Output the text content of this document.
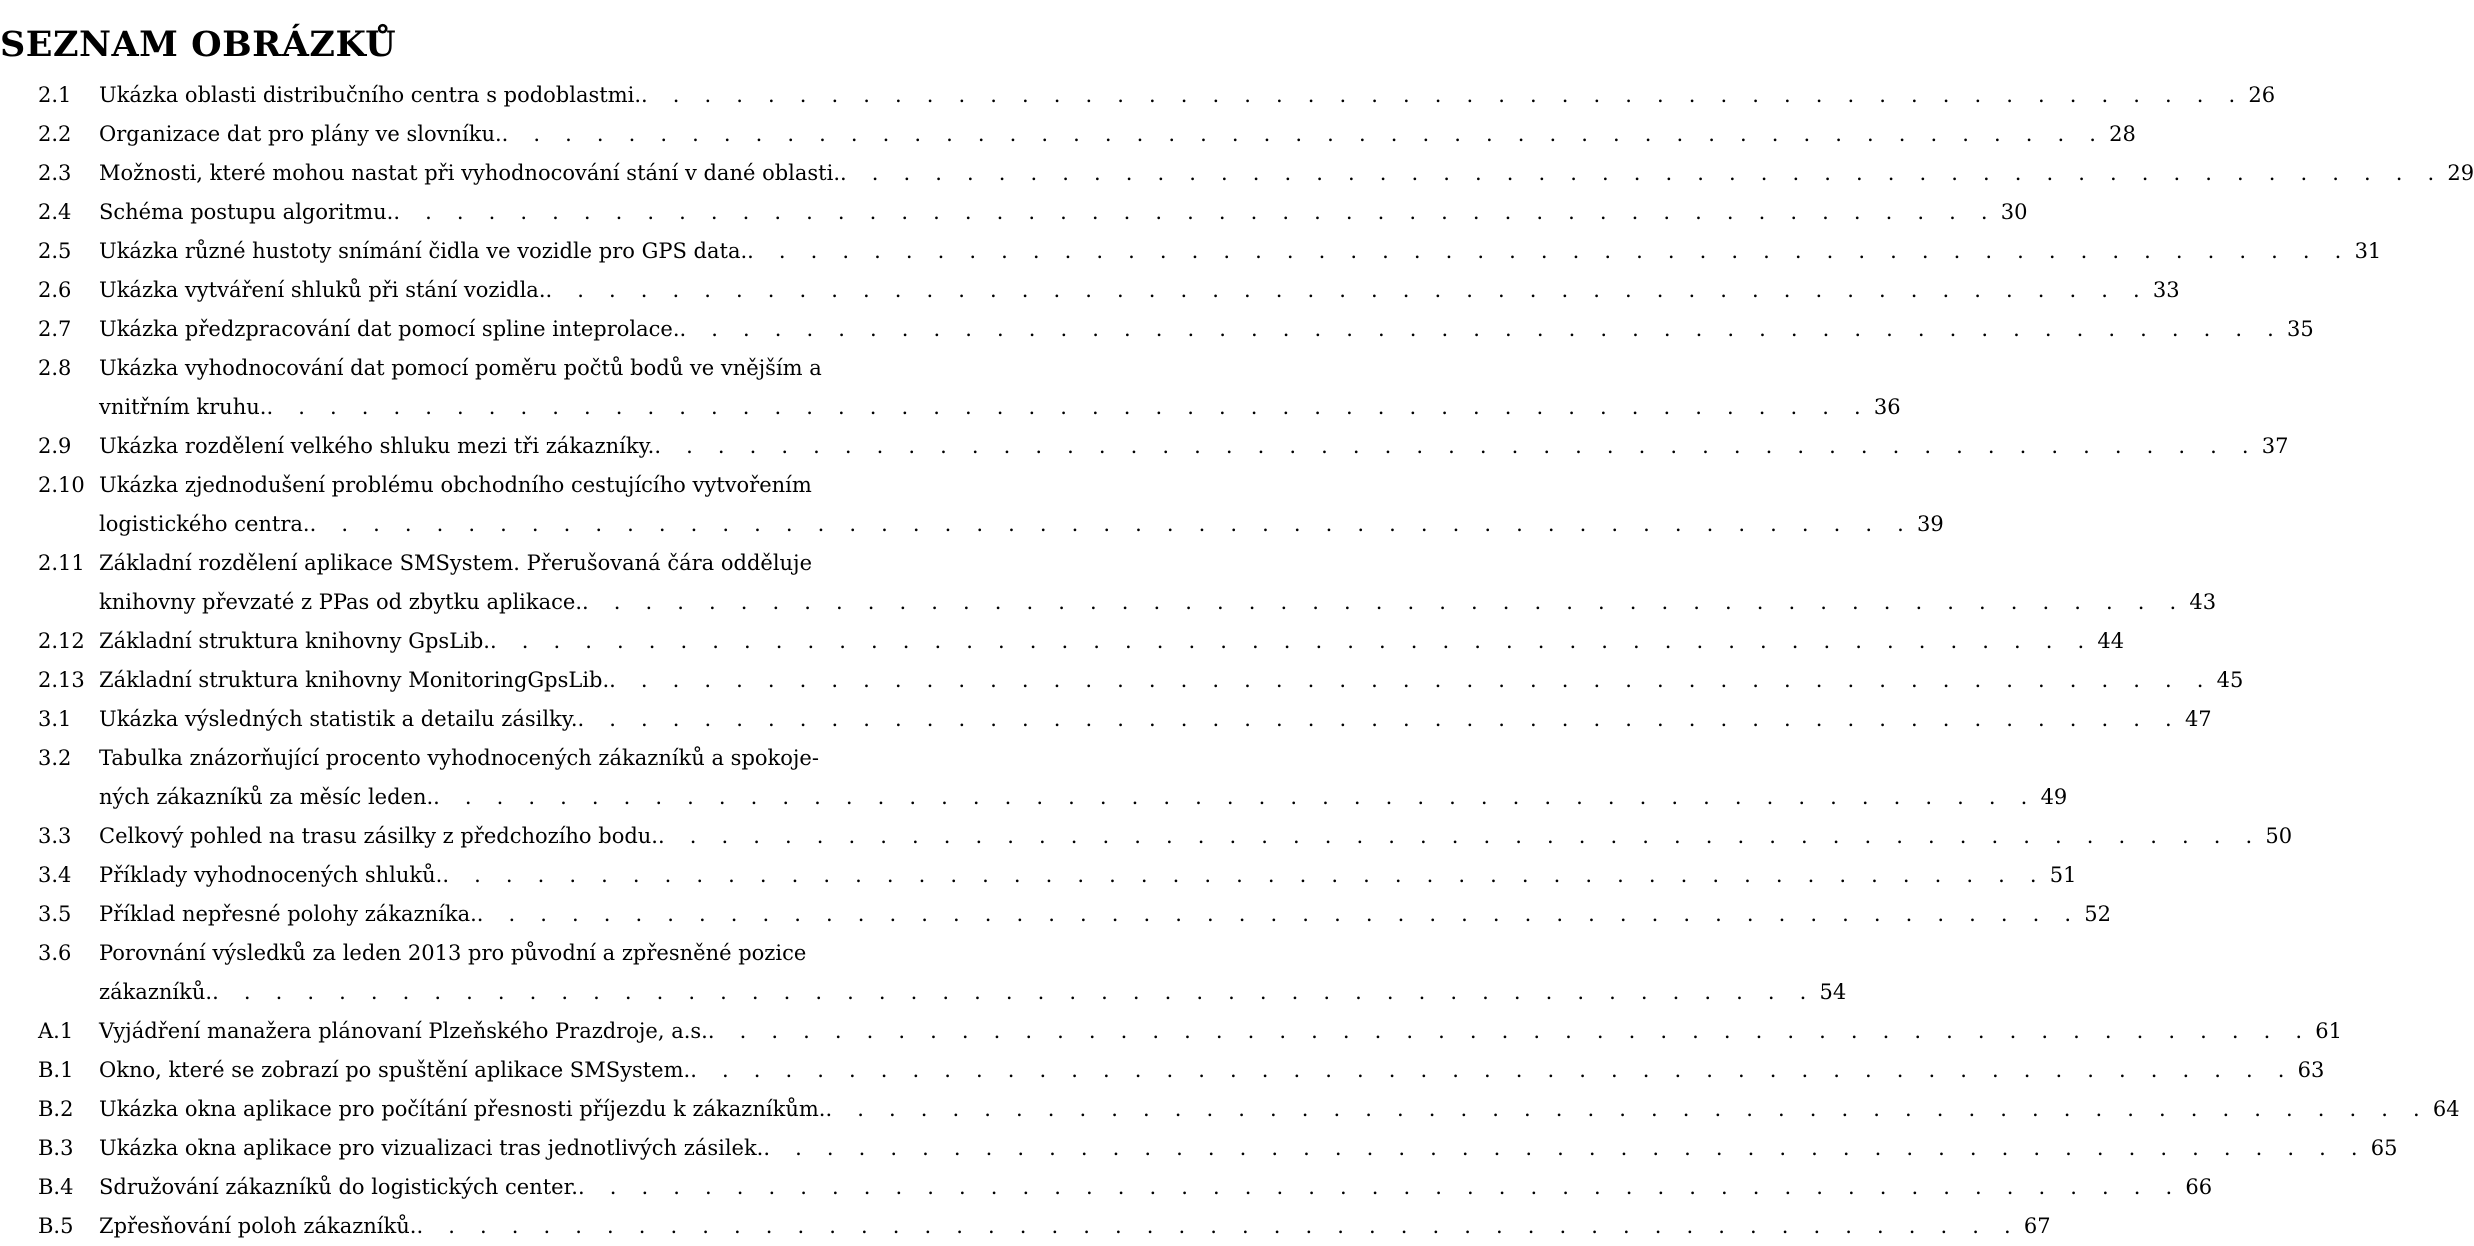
SEZNAM OBRÁZKŮ
2.1 Ukázka oblasti distribučního centra s podoblastmi. . . . . . . . . . . . . . . . . . . . . . . . . . . . . . . . . . . . . . . . . . . . . . . . . . . . 26
2.2 Organizace dat pro plány ve slovníku. . . . . . . . . . . . . . . . . . . . . . . . . . . . . . . . . . . . . . . . . . . . . . . . . . . . 28
2.3 Možnosti, které mohou nastat při vyhodnocování stání v dané oblasti. . . . . . . . . . . . . . . . . . . . . . . . . . . . . . . . . . . . . . . . . . . . . . . . . . . . 29
2.4 Schéma postupu algoritmu. . . . . . . . . . . . . . . . . . . . . . . . . . . . . . . . . . . . . . . . . . . . . . . . . . . . 30
2.5 Ukázka různé hustoty snímání čidla ve vozidle pro GPS data. . . . . . . . . . . . . . . . . . . . . . . . . . . . . . . . . . . . . . . . . . . . . . . . . . . . 31
2.6 Ukázka vytváření shluků při stání vozidla. . . . . . . . . . . . . . . . . . . . . . . . . . . . . . . . . . . . . . . . . . . . . . . . . . . . 33
2.7 Ukázka předzpracování dat pomocí spline inteprolace. . . . . . . . . . . . . . . . . . . . . . . . . . . . . . . . . . . . . . . . . . . . . . . . . . . . 35
2.8 Ukázka vyhodnocování dat pomocí poměru počtů bodů ve vnějším a
vnitřním kruhu. . . . . . . . . . . . . . . . . . . . . . . . . . . . . . . . . . . . . . . . . . . . . . . . . . . . 36
2.9 Ukázka rozdělení velkého shluku mezi tři zákazníky. . . . . . . . . . . . . . . . . . . . . . . . . . . . . . . . . . . . . . . . . . . . . . . . . . . . 37
2.10 Ukázka zjednodušení problému obchodního cestujícího vytvořením
logistického centra. . . . . . . . . . . . . . . . . . . . . . . . . . . . . . . . . . . . . . . . . . . . . . . . . . . . 39
2.11 Základní rozdělení aplikace SMSystem. Přerušovaná čára odděluje
knihovny převzaté z PPas od zbytku aplikace. . . . . . . . . . . . . . . . . . . . . . . . . . . . . . . . . . . . . . . . . . . . . . . . . . . . 43
2.12 Základní struktura knihovny GpsLib. . . . . . . . . . . . . . . . . . . . . . . . . . . . . . . . . . . . . . . . . . . . . . . . . . . . 44
2.13 Základní struktura knihovny MonitoringGpsLib. . . . . . . . . . . . . . . . . . . . . . . . . . . . . . . . . . . . . . . . . . . . . . . . . . . . 45
3.1 Ukázka výsledných statistik a detailu zásilky. . . . . . . . . . . . . . . . . . . . . . . . . . . . . . . . . . . . . . . . . . . . . . . . . . . . 47
3.2 Tabulka znázorňující procento vyhodnocených zákazníků a spokoje-
ných zákazníků za měsíc leden. . . . . . . . . . . . . . . . . . . . . . . . . . . . . . . . . . . . . . . . . . . . . . . . . . . . 49
3.3 Celkový pohled na trasu zásilky z předchozího bodu. . . . . . . . . . . . . . . . . . . . . . . . . . . . . . . . . . . . . . . . . . . . . . . . . . . . 50
3.4 Příklady vyhodnocených shluků. . . . . . . . . . . . . . . . . . . . . . . . . . . . . . . . . . . . . . . . . . . . . . . . . . . . 51
3.5 Příklad nepřesné polohy zákazníka. . . . . . . . . . . . . . . . . . . . . . . . . . . . . . . . . . . . . . . . . . . . . . . . . . . . 52
3.6 Porovnání výsledků za leden 2013 pro původní a zpřesněné pozice
zákazníků. . . . . . . . . . . . . . . . . . . . . . . . . . . . . . . . . . . . . . . . . . . . . . . . . . . . 54
A.1 Vyjádření manažera plánovaní Plzeňského Prazdroje, a.s. . . . . . . . . . . . . . . . . . . . . . . . . . . . . . . . . . . . . . . . . . . . . . . . . . . . 61
B.1 Okno, které se zobrazí po spuštění aplikace SMSystem. . . . . . . . . . . . . . . . . . . . . . . . . . . . . . . . . . . . . . . . . . . . . . . . . . . . 63
B.2 Ukázka okna aplikace pro počítání přesnosti příjezdu k zákazníkům. . . . . . . . . . . . . . . . . . . . . . . . . . . . . . . . . . . . . . . . . . . . . . . . . . . . 64
B.3 Ukázka okna aplikace pro vizualizaci tras jednotlivých zásilek. . . . . . . . . . . . . . . . . . . . . . . . . . . . . . . . . . . . . . . . . . . . . . . . . . . . 65
B.4 Sdružování zákazníků do logistických center. . . . . . . . . . . . . . . . . . . . . . . . . . . . . . . . . . . . . . . . . . . . . . . . . . . . 66
B.5 Zpřesňování poloh zákazníků. . . . . . . . . . . . . . . . . . . . . . . . . . . . . . . . . . . . . . . . . . . . . . . . . . . . 67
